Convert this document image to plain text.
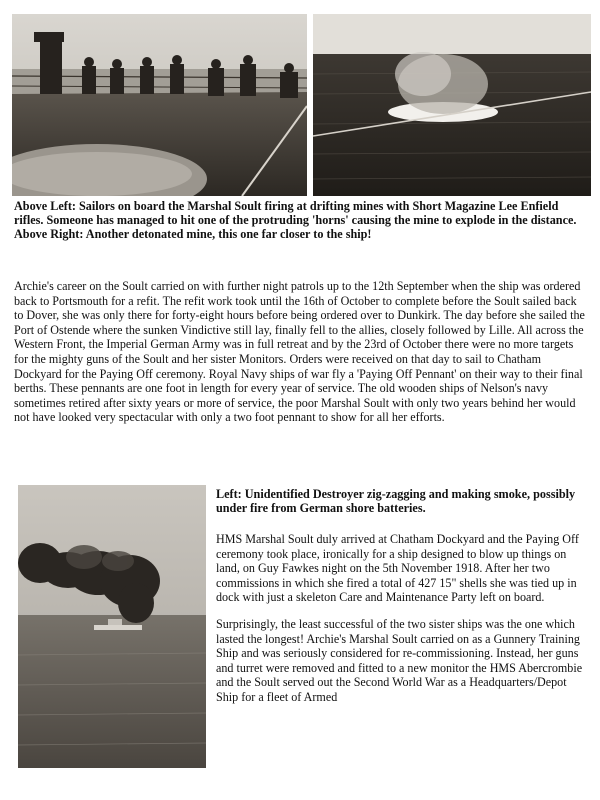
Above Left: Sailors on board the Marshal Soult firing at drifting mines with Short Magazine Lee Enfield rifles. Someone has managed to hit one of the protruding 'horns' causing the mine to explode in the distance.

Above Right: Another detonated mine, this one far closer to the ship!

Archie's career on the Soult carried on with further night patrols up to the 12th September when the ship was ordered back to Portsmouth for a refit. The refit work took until the 16th of October to complete before the Soult sailed back to Dover, she was only there for forty-eight hours before being ordered over to Dunkirk. The day before she sailed the Port of Ostende where the sunken Vindictive still lay, finally fell to the allies, closely followed by Lille. All across the Western Front, the Imperial German Army was in full retreat and by the 23rd of October there were no more targets for the mighty guns of the Soult and her sister Monitors. Orders were received on that day to sail to Chatham Dockyard for the Paying Off ceremony. Royal Navy ships of war fly a 'Paying Off Pennant' on their way to their final berths. These pennants are one foot in length for every year of service. The old wooden ships of Nelson's navy sometimes retired after sixty years or more of service, the poor Marshal Soult with only two years behind her would not have looked very spectacular with only a two foot pennant to show for all her efforts.

Left: Unidentified Destroyer zig-zagging and making smoke, possibly under fire from German shore batteries.

HMS Marshal Soult duly arrived at Chatham Dockyard and the Paying Off ceremony took place, ironically for a ship designed to blow up things on land, on Guy Fawkes night on the 5th November 1918. After her two commissions in which she fired a total of 427 15" shells she was tied up in dock with just a skeleton Care and Maintenance Party left on board.

Surprisingly, the least successful of the two sister ships was the one which lasted the longest! Archie's Marshal Soult carried on as a Gunnery Training Ship and was seriously considered for re-commissioning. Instead, her guns and turret were removed and fitted to a new monitor the HMS Abercrombie and the Soult served out the Second World War as a Headquarters/Depot Ship for a fleet of Armed
